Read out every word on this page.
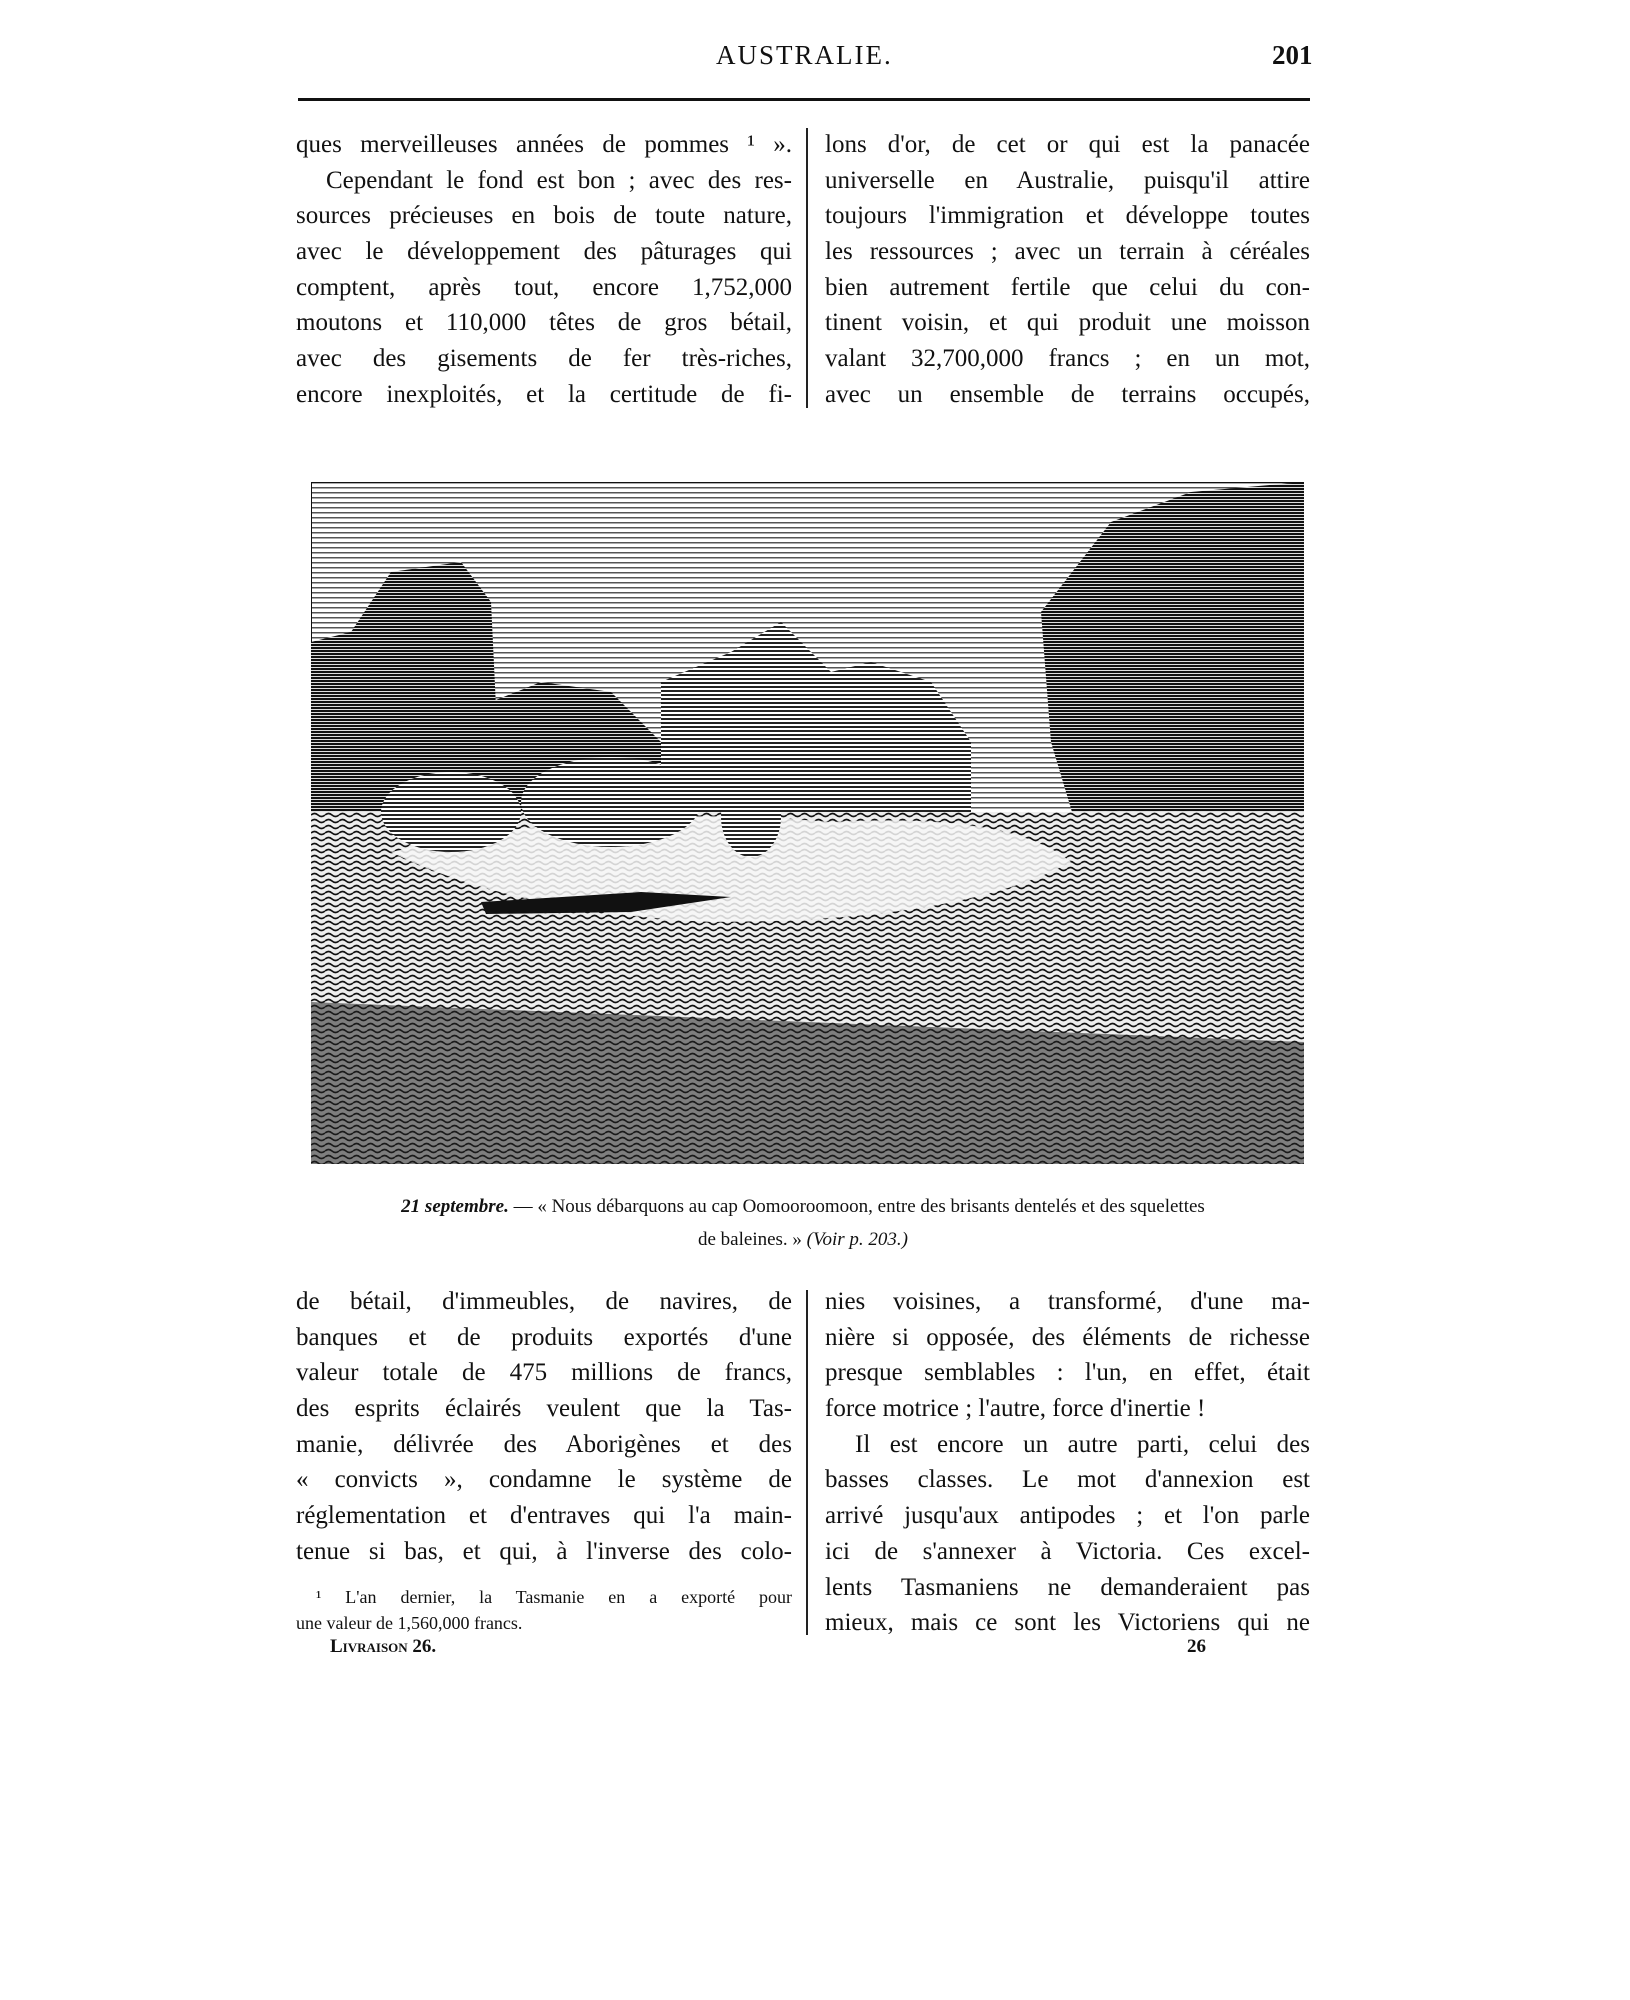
AUSTRALIE.	201
ques merveilleuses années de pommes ¹ ».
Cependant le fond est bon ; avec des res-
sources précieuses en bois de toute nature,
avec le développement des pâturages qui
comptent, après tout, encore 1,752,000
moutons et 110,000 têtes de gros bétail,
avec des gisements de fer très-riches,
encore inexploités, et la certitude de fi-
lons d'or, de cet or qui est la panacée
universelle en Australie, puisqu'il attire
toujours l'immigration et développe toutes
les ressources ; avec un terrain à céréales
bien autrement fertile que celui du con-
tinent voisin, et qui produit une moisson
valant 32,700,000 francs ; en un mot,
avec un ensemble de terrains occupés,
21 septembre. — « Nous débarquons au cap Oomooroomoon, entre des brisants dentelés et des squelettes
de baleines. » (Voir p. 203.)
de bétail, d'immeubles, de navires, de
banques et de produits exportés d'une
valeur totale de 475 millions de francs,
des esprits éclairés veulent que la Tas-
manie, délivrée des Aborigènes et des
« convicts », condamne le système de
réglementation et d'entraves qui l'a main-
tenue si bas, et qui, à l'inverse des colo-
¹ L'an dernier, la Tasmanie en a exporté pour
une valeur de 1,560,000 francs.
nies voisines, a transformé, d'une ma-
nière si opposée, des éléments de richesse
presque semblables : l'un, en effet, était
force motrice ; l'autre, force d'inertie !
Il est encore un autre parti, celui des
basses classes. Le mot d'annexion est
arrivé jusqu'aux antipodes ; et l'on parle
ici de s'annexer à Victoria. Ces excel-
lents Tasmaniens ne demanderaient pas
mieux, mais ce sont les Victoriens qui ne
Livraison 26.	26
